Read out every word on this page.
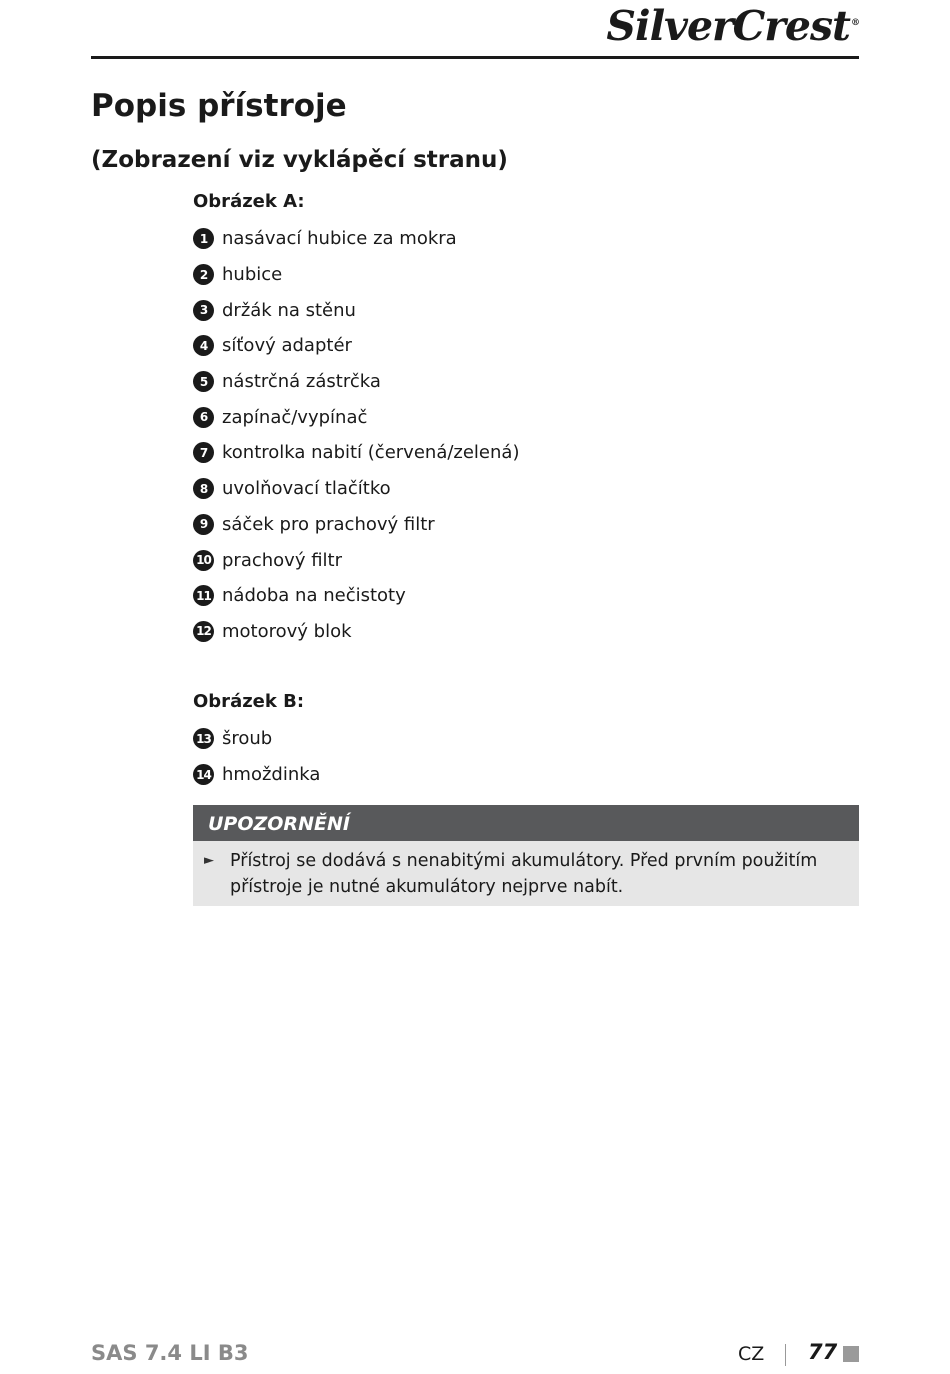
SilverCrest®
Popis přístroje
(Zobrazení viz vyklápěcí stranu)
Obrázek A:
1 nasávací hubice za mokra
2 hubice
3 držák na stěnu
4 síťový adaptér
5 nástrčná zástrčka
6 zapínač/vypínač
7 kontrolka nabití (červená/zelená)
8 uvolňovací tlačítko
9 sáček pro prachový filtr
10 prachový filtr
11 nádoba na nečistoty
12 motorový blok
Obrázek B:
13 šroub
14 hmoždinka
UPOZORNĚNÍ
► Přístroj se dodává s nenabitými akumulátory. Před prvním použitím přístroje je nutné akumulátory nejprve nabít.
SAS 7.4 LI B3	CZ 77
